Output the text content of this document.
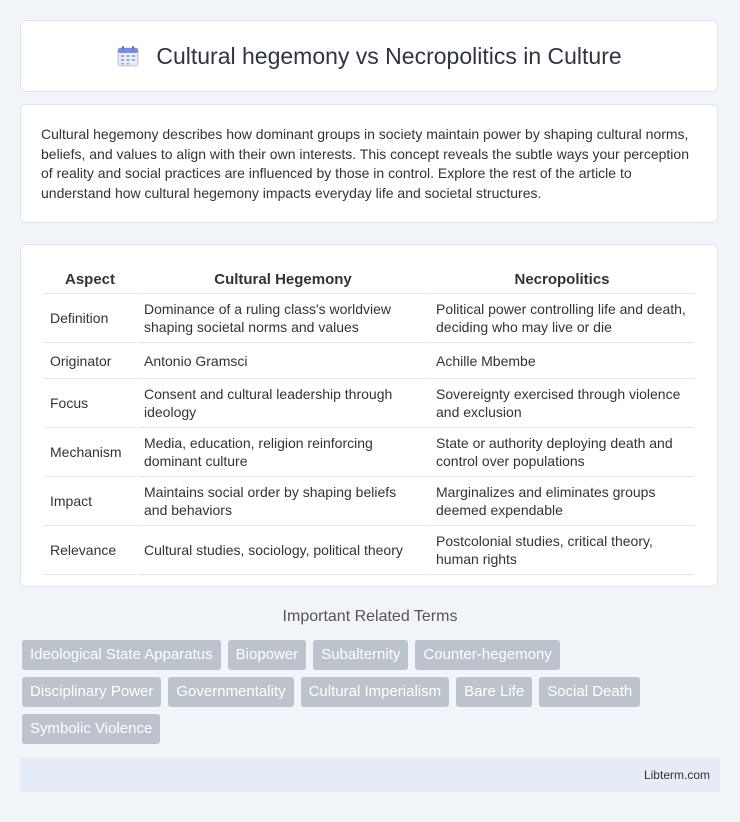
Cultural hegemony vs Necropolitics in Culture

Cultural hegemony describes how dominant groups in society maintain power by shaping cultural norms, beliefs, and values to align with their own interests. This concept reveals the subtle ways your perception of reality and social practices are influenced by those in control. Explore the rest of the article to understand how cultural hegemony impacts everyday life and societal structures.

Aspect	Cultural Hegemony	Necropolitics
Definition	Dominance of a ruling class's worldview shaping societal norms and values	Political power controlling life and death, deciding who may live or die
Originator	Antonio Gramsci	Achille Mbembe
Focus	Consent and cultural leadership through ideology	Sovereignty exercised through violence and exclusion
Mechanism	Media, education, religion reinforcing dominant culture	State or authority deploying death and control over populations
Impact	Maintains social order by shaping beliefs and behaviors	Marginalizes and eliminates groups deemed expendable
Relevance	Cultural studies, sociology, political theory	Postcolonial studies, critical theory, human rights
Important Related Terms
Ideological State Apparatus	Biopower	Subalternity	Counter-hegemony
Disciplinary Power	Governmentality	Cultural Imperialism	Bare Life	Social Death
Symbolic Violence
Libterm.com
